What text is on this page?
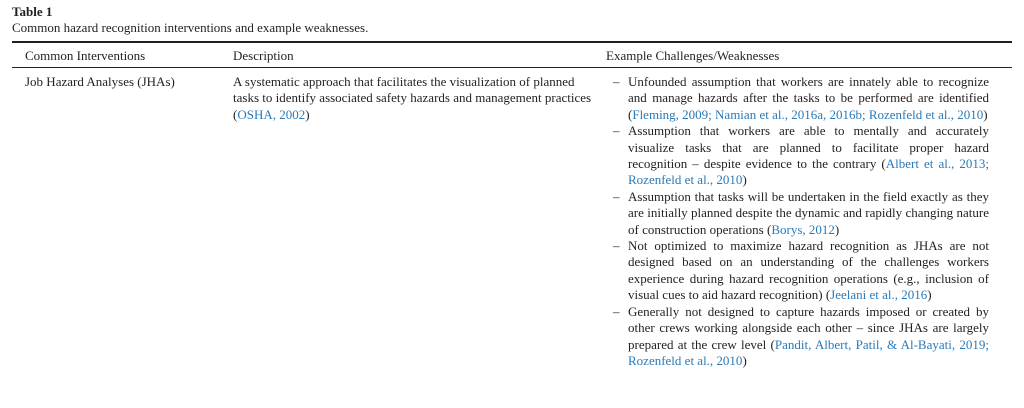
Table 1
Common hazard recognition interventions and example weaknesses.
Common Interventions	Description	Example Challenges/Weaknesses
Job Hazard Analyses (JHAs)	A systematic approach that facilitates the visualization of planned tasks to identify associated safety hazards and management practices (OSHA, 2002)
– Unfounded assumption that workers are innately able to recognize and manage hazards after the tasks to be performed are identified (Fleming, 2009; Namian et al., 2016a, 2016b; Rozenfeld et al., 2010)
– Assumption that workers are able to mentally and accurately visualize tasks that are planned to facilitate proper hazard recognition – despite evidence to the contrary (Albert et al., 2013; Rozenfeld et al., 2010)
– Assumption that tasks will be undertaken in the field exactly as they are initially planned despite the dynamic and rapidly changing nature of construction operations (Borys, 2012)
– Not optimized to maximize hazard recognition as JHAs are not designed based on an understanding of the challenges workers experience during hazard recognition operations (e.g., inclusion of visual cues to aid hazard recognition) (Jeelani et al., 2016)
– Generally not designed to capture hazards imposed or created by other crews working alongside each other – since JHAs are largely prepared at the crew level (Pandit, Albert, Patil, & Al-Bayati, 2019; Rozenfeld et al., 2010)
